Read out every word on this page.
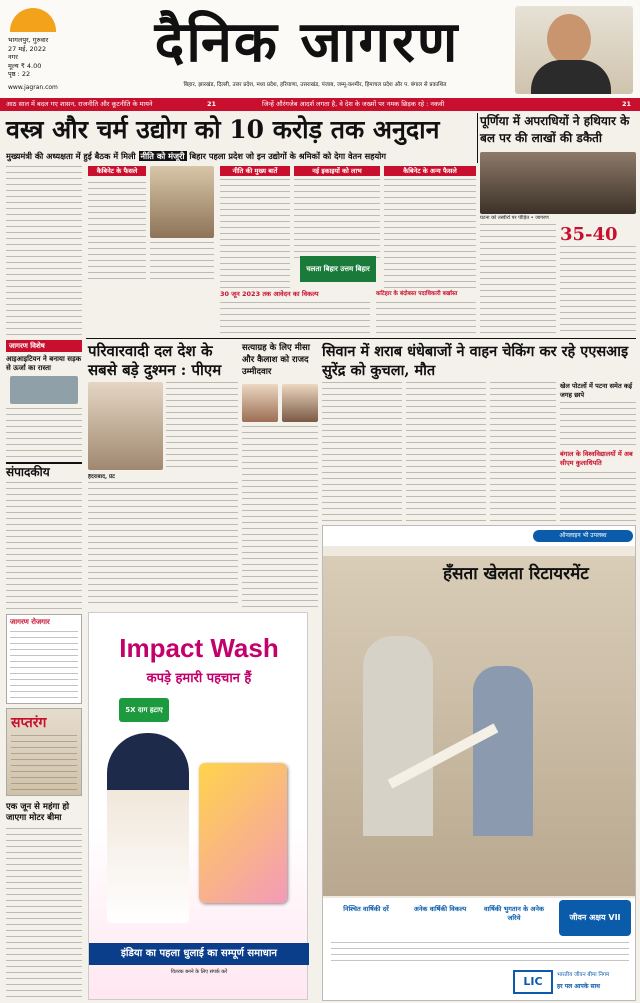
भागलपुर, गुरुवार
27 मई, 2022
नगर
मूल्य ₹ 4.00
पृष्ठ : 22	दैनिक जागरण
बिहार, झारखंड, दिल्ली, उत्तर प्रदेश, मध्य प्रदेश, हरियाणा, उत्तराखंड, पंजाब, जम्मू-कश्मीर, हिमाचल प्रदेश और प. बंगाल से प्रकाशित
www.jagran.com
आठ साल में बदल गए शासन, राजनीति और कूटनीति के मायने	21	जिन्हें औरंगजेब आदर्श लगता है, वे देश के जख्मों पर नमक छिड़क रहे : नकवी	21
वस्त्र और चर्म उद्योग को 10 करोड़ तक अनुदान
मुख्यमंत्री की अध्यक्षता में हुई बैठक में मिली नीति को मंजूरी बिहार पहला प्रदेश जो इन उद्योगों के श्रमिकों को देगा वेतन सहयोग
पूर्णिया में अपराधियों ने हथियार के बल पर की लाखों की डकैती
जागरण विशेष
आइआइटियन ने बनाया सड़क से ऊर्जा का रास्ता
संपादकीय
जागरण रोजगार
सप्तरंग
एक जून से महंगा हो जाएगा मोटर बीमा
कैबिनेट के फैसले	नीति की मुख्य बातें	नई इकाइयों को लाभ
चलता बिहार उत्तम बिहार
कैबिनेट के अन्य फैसले
30 जून 2023 तक आवेदन का विकल्प	कटिहार के बंदोबस्त पदाधिकारी बर्खास्त
घटना को तस्वीरों पर पीड़ित • जागरण
35-40
परिवारवादी दल देश के सबसे बड़े दुश्मन : पीएम
हैदराबाद, प्रेट
सत्याग्रह के लिए मीसा और कैलाश को राजद उम्मीदवार
सिवान में शराब धंधेबाजों ने वाहन चेकिंग कर रहे एएसआइ सुरेंद्र को कुचला, मौत
खेल पोटलों में पटना समेत कई जगह छापे
बंगाल के विश्वविद्यालयों में अब सीएम कुलाधिपति
Impact Wash
कपड़े हमारी पहचान हैं
5X दाग हटाए
इंडिया का पहला धुलाई का सम्पूर्ण समाधान
वितरक बनने के लिए संपर्क करें
ऑनलाइन भी उपलब्ध
हँसता खेलता रिटायरमेंट
निश्चित वार्षिकी दरें	अनेक वार्षिकी विकल्प	वार्षिकी भुगतान के अनेक जरिये	जीवन अक्षय VII
LIC	भारतीय जीवन बीमा निगम
हर पल आपके साथ
